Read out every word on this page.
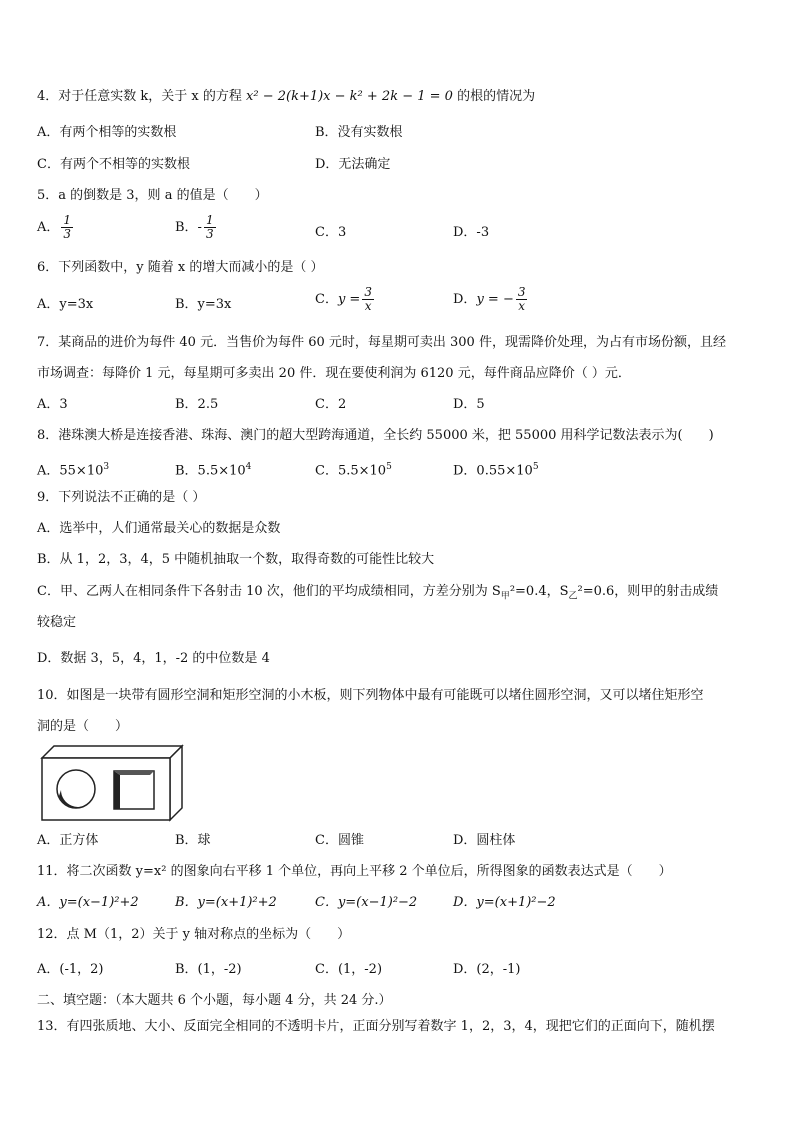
4．对于任意实数 k，关于 x 的方程 x² − 2(k+1)x − k² + 2k − 1 = 0 的根的情况为
A．有两个相等的实数根	B．没有实数根
C．有两个不相等的实数根	D．无法确定
5．a 的倒数是 3，则 a 的值是（　　）
A． $\frac{1}{3}$	B．- $\frac{1}{3}$	C．3	D．-3
6．下列函数中，y 随着 x 的增大而减小的是（ ）
A．y=3x	B．y=3x	C．$y = \frac{3}{x}$	D．y = − $\frac{3}{x}$
7．某商品的进价为每件 40 元．当售价为每件 60 元时，每星期可卖出 300 件，现需降价处理，为占有市场份额，且经
市场调查：每降价 1 元，每星期可多卖出 20 件．现在要使利润为 6120 元，每件商品应降价（ ）元．
A．3	B．2.5	C．2	D．5
8．港珠澳大桥是连接香港、珠海、澳门的超大型跨海通道，全长约 55000 米，把 55000 用科学记数法表示为(　　)
A．$55\times 10^3$	B．$5.5\times 10^4$	C．$5.5\times 10^5$	D．$0.55\times 10^5$
9．下列说法不正确的是（ ）
A．选举中，人们通常最关心的数据是众数
B．从 1，2，3，4，5 中随机抽取一个数，取得奇数的可能性比较大
C．甲、乙两人在相同条件下各射击 10 次，他们的平均成绩相同，方差分别为 $S_甲^2=0.4$，$S_乙^2=0.6$，则甲的射击成绩
较稳定
D．数据 3，5，4，1，-2 的中位数是 4
10．如图是一块带有圆形空洞和矩形空洞的小木板，则下列物体中最有可能既可以堵住圆形空洞，又可以堵住矩形空
洞的是（　　）
A．正方体	B．球	C．圆锥	D．圆柱体
11．将二次函数 y=x² 的图象向右平移 1 个单位，再向上平移 2 个单位后，所得图象的函数表达式是（　　）
A．y=(x−1)²+2	B．y=(x+1)²+2	C．y=(x−1)²−2	D．y=(x+1)²−2
12．点 M（1，2）关于 y 轴对称点的坐标为（　　）
A．(-1，2)	B．(1，-2)	C．(1，-2)	D．(2，-1)
二、填空题：（本大题共 6 个小题，每小题 4 分，共 24 分.）
13．有四张质地、大小、反面完全相同的不透明卡片，正面分别写着数字 1，2，3，4，现把它们的正面向下，随机摆
